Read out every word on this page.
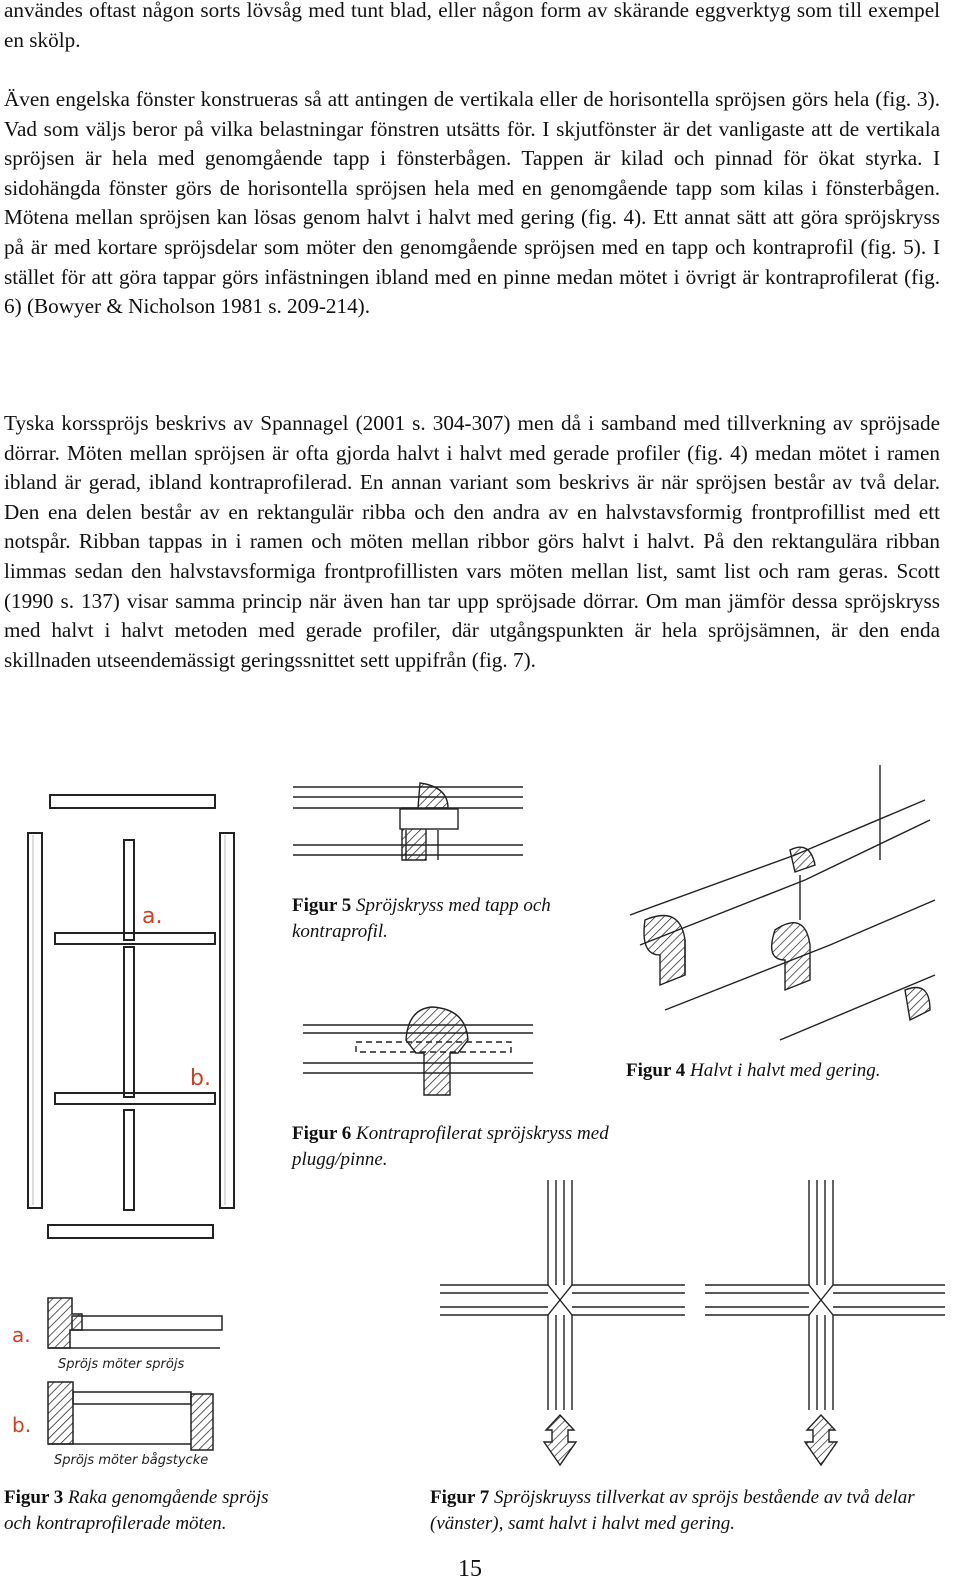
användes oftast någon sorts lövsåg med tunt blad, eller någon form av skärande eggverktyg som till exempel en skölp.

Även engelska fönster konstrueras så att antingen de vertikala eller de horisontella spröjsen görs hela (fig. 3). Vad som väljs beror på vilka belastningar fönstren utsätts för. I skjutfönster är det vanligaste att de vertikala spröjsen är hela med genomgående tapp i fönsterbågen. Tappen är kilad och pinnad för ökat styrka. I sidohängda fönster görs de horisontella spröjsen hela med en genomgående tapp som kilas i fönsterbågen. Mötena mellan spröjsen kan lösas genom halvt i halvt med gering (fig. 4). Ett annat sätt att göra spröjskryss på är med kortare spröjsdelar som möter den genomgående spröjsen med en tapp och kontraprofil (fig. 5). I stället för att göra tappar görs infästningen ibland med en pinne medan mötet i övrigt är kontraprofilerat (fig. 6) (Bowyer & Nicholson 1981 s. 209-214).

Tyska korsspröjs beskrivs av Spannagel (2001 s. 304-307) men då i samband med tillverkning av spröjsade dörrar. Möten mellan spröjsen är ofta gjorda halvt i halvt med gerade profiler (fig. 4) medan mötet i ramen ibland är gerad, ibland kontraprofilerad. En annan variant som beskrivs är när spröjsen består av två delar. Den ena delen består av en rektangulär ribba och den andra av en halvstavsformig frontprofillist med ett notspår. Ribban tappas in i ramen och möten mellan ribbor görs halvt i halvt. På den rektangulära ribban limmas sedan den halvstavsformiga frontprofillisten vars möten mellan list, samt list och ram geras. Scott (1990 s. 137) visar samma princip när även han tar upp spröjsade dörrar. Om man jämför dessa spröjskryss med halvt i halvt metoden med gerade profiler, där utgångspunkten är hela spröjsämnen, är den enda skillnaden utseendemässigt geringssnittet sett uppifrån (fig. 7).

a.
b.
a.
Spröjs möter spröjs
b.
Spröjs möter bågstycke
Figur 5 Spröjskryss med tapp och
kontraprofil.
Figur 4 Halvt i halvt med gering.
Figur 6 Kontraprofilerat spröjskryss med
plugg/pinne.
Figur 3 Raka genomgående spröjs
och kontraprofilerade möten.
Figur 7 Spröjskruyss tillverkat av spröjs bestående av två delar
(vänster), samt halvt i halvt med gering.
15
